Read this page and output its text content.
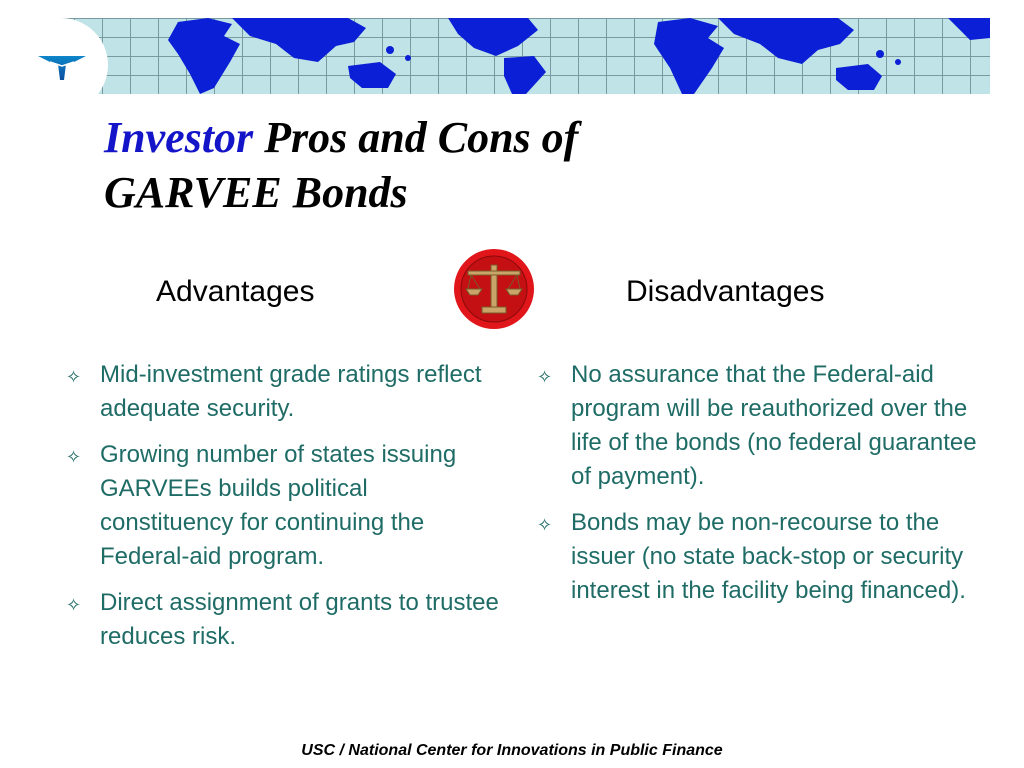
Investor Pros and Cons of
GARVEE Bonds
Advantages	Disadvantages
✧ Mid-investment grade ratings reflect adequate security.
✧ Growing number of states issuing GARVEEs builds political constituency for continuing the Federal-aid program.
✧ Direct assignment of grants to trustee reduces risk.
✧ No assurance that the Federal-aid program will be reauthorized over the life of the bonds (no federal guarantee of payment).
✧ Bonds may be non-recourse to the issuer (no state back-stop or security interest in the facility being financed).
USC / National Center for Innovations in Public Finance
